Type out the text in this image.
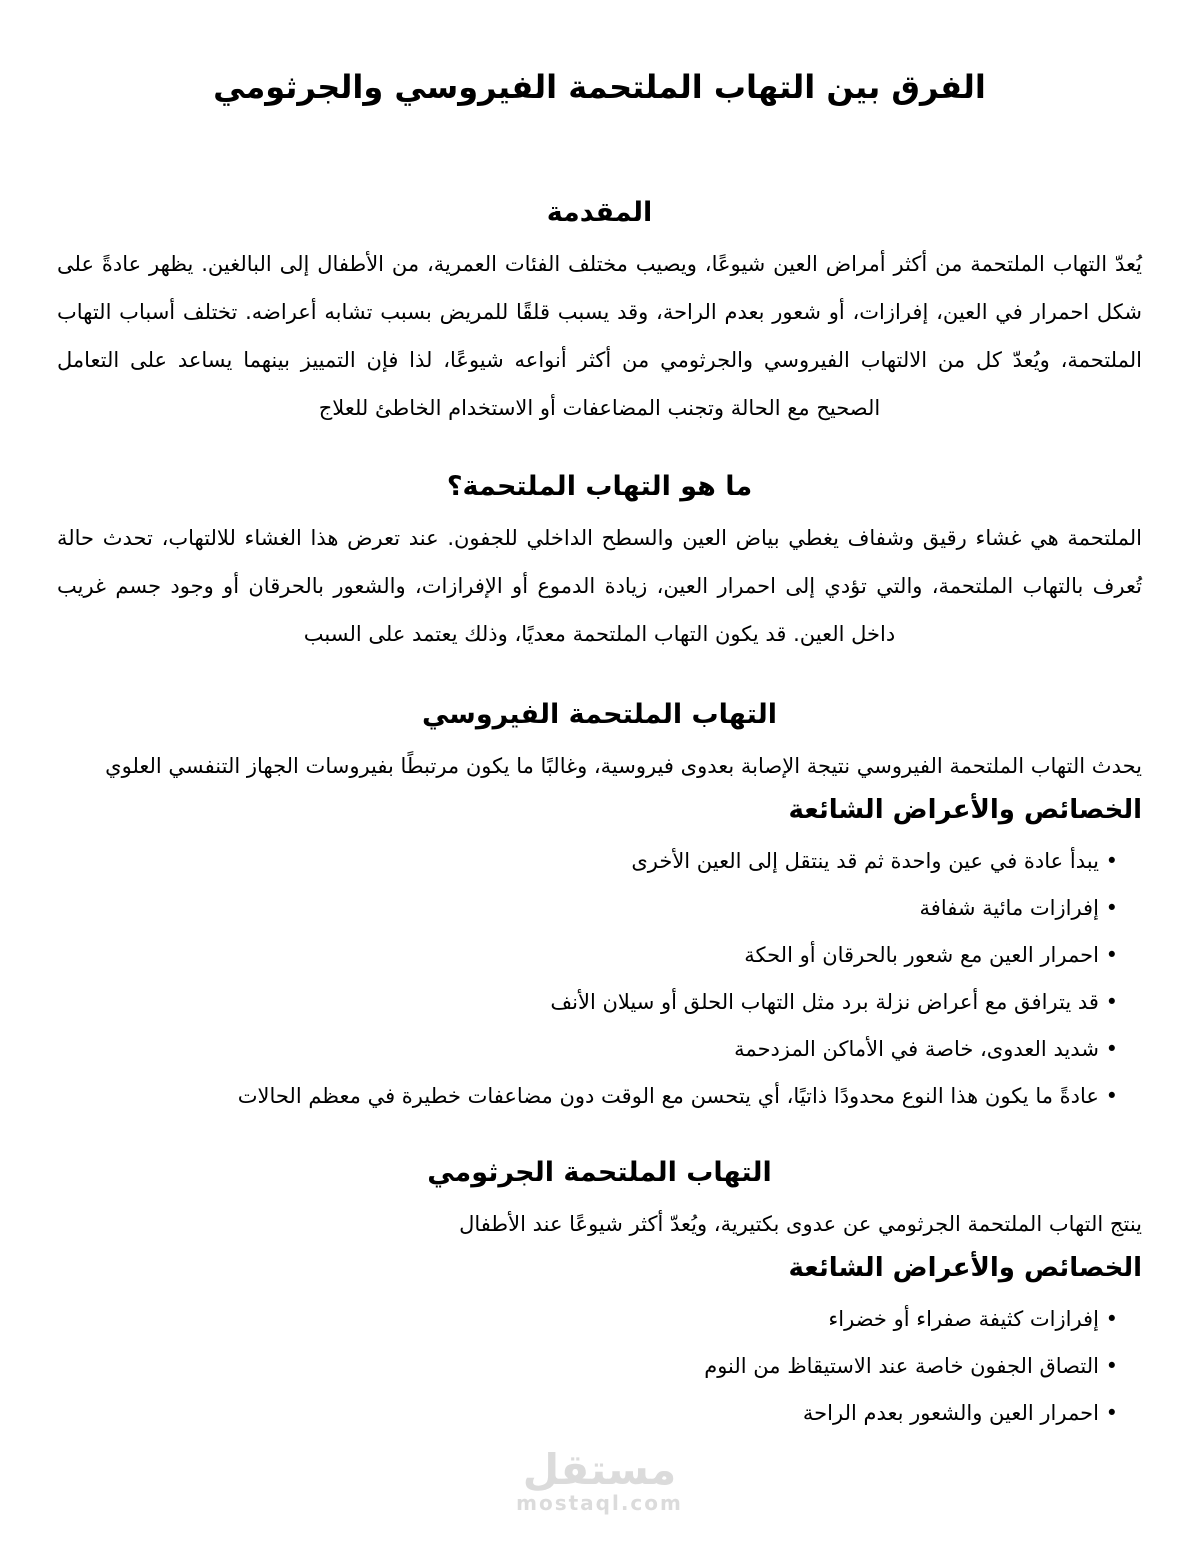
الفرق بين التهاب الملتحمة الفيروسي والجرثومي
المقدمة

يُعدّ التهاب الملتحمة من أكثر أمراض العين شيوعًا، ويصيب مختلف الفئات العمرية، من الأطفال إلى البالغين. يظهر عادةً على شكل احمرار في العين، إفرازات، أو شعور بعدم الراحة، وقد يسبب قلقًا للمريض بسبب تشابه أعراضه. تختلف أسباب التهاب الملتحمة، ويُعدّ كل من الالتهاب الفيروسي والجرثومي من أكثر أنواعه شيوعًا، لذا فإن التمييز بينهما يساعد على التعامل الصحيح مع الحالة وتجنب المضاعفات أو الاستخدام الخاطئ للعلاج

ما هو التهاب الملتحمة؟

الملتحمة هي غشاء رقيق وشفاف يغطي بياض العين والسطح الداخلي للجفون. عند تعرض هذا الغشاء للالتهاب، تحدث حالة تُعرف بالتهاب الملتحمة، والتي تؤدي إلى احمرار العين، زيادة الدموع أو الإفرازات، والشعور بالحرقان أو وجود جسم غريب داخل العين. قد يكون التهاب الملتحمة معديًا، وذلك يعتمد على السبب

التهاب الملتحمة الفيروسي

يحدث التهاب الملتحمة الفيروسي نتيجة الإصابة بعدوى فيروسية، وغالبًا ما يكون مرتبطًا بفيروسات الجهاز التنفسي العلوي

الخصائص والأعراض الشائعة
• يبدأ عادة في عين واحدة ثم قد ينتقل إلى العين الأخرى
• إفرازات مائية شفافة
• احمرار العين مع شعور بالحرقان أو الحكة
• قد يترافق مع أعراض نزلة برد مثل التهاب الحلق أو سيلان الأنف
• شديد العدوى، خاصة في الأماكن المزدحمة
• عادةً ما يكون هذا النوع محدودًا ذاتيًا، أي يتحسن مع الوقت دون مضاعفات خطيرة في معظم الحالات
التهاب الملتحمة الجرثومي

ينتج التهاب الملتحمة الجرثومي عن عدوى بكتيرية، ويُعدّ أكثر شيوعًا عند الأطفال

الخصائص والأعراض الشائعة
• إفرازات كثيفة صفراء أو خضراء
• التصاق الجفون خاصة عند الاستيقاظ من النوم
• احمرار العين والشعور بعدم الراحة
مستقل
mostaql.com
